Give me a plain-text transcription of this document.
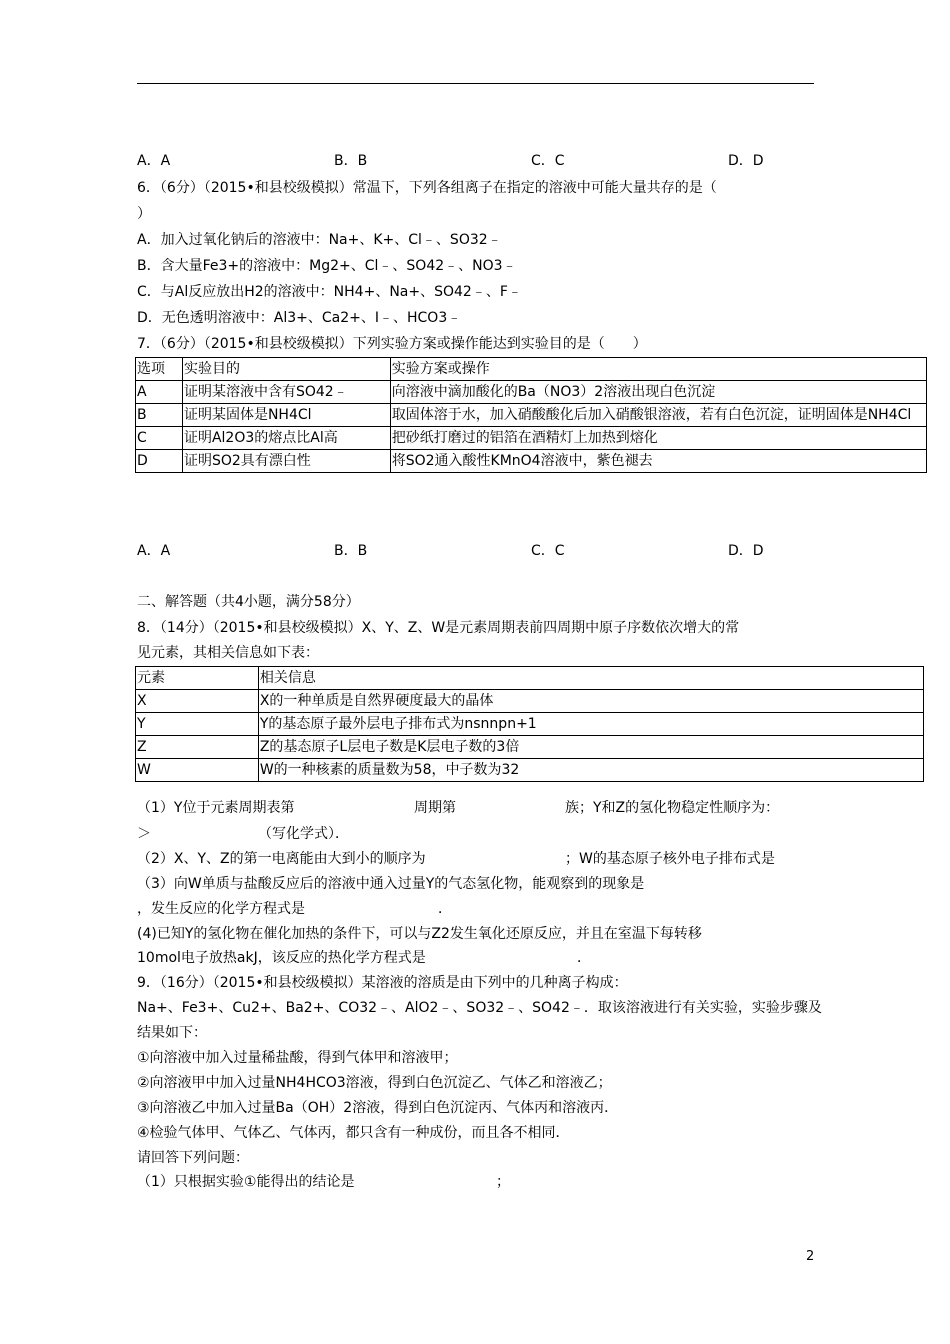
A．A	B．B	C．C	D．D
6．（6分）（2015•和县校级模拟）常温下，下列各组离子在指定的溶液中可能大量共存的是（
）
A．加入过氧化钠后的溶液中：Na+、K+、Cl﹣、SO32﹣
B．含大量Fe3+的溶液中：Mg2+、Cl﹣、SO42﹣、NO3﹣
C．与Al反应放出H2的溶液中：NH4+、Na+、SO42﹣、F﹣
D．无色透明溶液中：Al3+、Ca2+、I﹣、HCO3﹣
7．（6分）（2015•和县校级模拟）下列实验方案或操作能达到实验目的是（　　）
选项	实验目的	实验方案或操作
A	证明某溶液中含有SO42﹣	向溶液中滴加酸化的Ba（NO3）2溶液出现白色沉淀
B	证明某固体是NH4Cl	取固体溶于水，加入硝酸酸化后加入硝酸银溶液，若有白色沉淀，证明固体是NH4Cl
C	证明Al2O3的熔点比Al高	把砂纸打磨过的铝箔在酒精灯上加热到熔化
D	证明SO2具有漂白性	将SO2通入酸性KMnO4溶液中，紫色褪去
A．A	B．B	C．C	D．D
二、解答题（共4小题，满分58分）
8．（14分）（2015•和县校级模拟）X、Y、Z、W是元素周期表前四周期中原子序数依次增大的常
见元素，其相关信息如下表：
元素	相关信息
X	X的一种单质是自然界硬度最大的晶体
Y	Y的基态原子最外层电子排布式为nsnnpn+1
Z	Z的基态原子L层电子数是K层电子数的3倍
W	W的一种核素的质量数为58，中子数为32
（1）Y位于元素周期表第	周期第	族；Y和Z的氢化物稳定性顺序为：
＞	（写化学式）．
（2）X、Y、Z的第一电离能由大到小的顺序为	；W的基态原子核外电子排布式是
（3）向W单质与盐酸反应后的溶液中通入过量Y的气态氢化物，能观察到的现象是
，发生反应的化学方程式是	．
(4)已知Y的氢化物在催化加热的条件下，可以与Z2发生氧化还原反应，并且在室温下每转移
10mol电子放热akJ，该反应的热化学方程式是	．
9．（16分）（2015•和县校级模拟）某溶液的溶质是由下列中的几种离子构成：
Na+、Fe3+、Cu2+、Ba2+、CO32﹣、AlO2﹣、SO32﹣、SO42﹣．取该溶液进行有关实验，实验步骤及
结果如下：
①向溶液中加入过量稀盐酸，得到气体甲和溶液甲；
②向溶液甲中加入过量NH4HCO3溶液，得到白色沉淀乙、气体乙和溶液乙；
③向溶液乙中加入过量Ba（OH）2溶液，得到白色沉淀丙、气体丙和溶液丙．
④检验气体甲、气体乙、气体丙，都只含有一种成份，而且各不相同．
请回答下列问题：
（1）只根据实验①能得出的结论是	；
2
